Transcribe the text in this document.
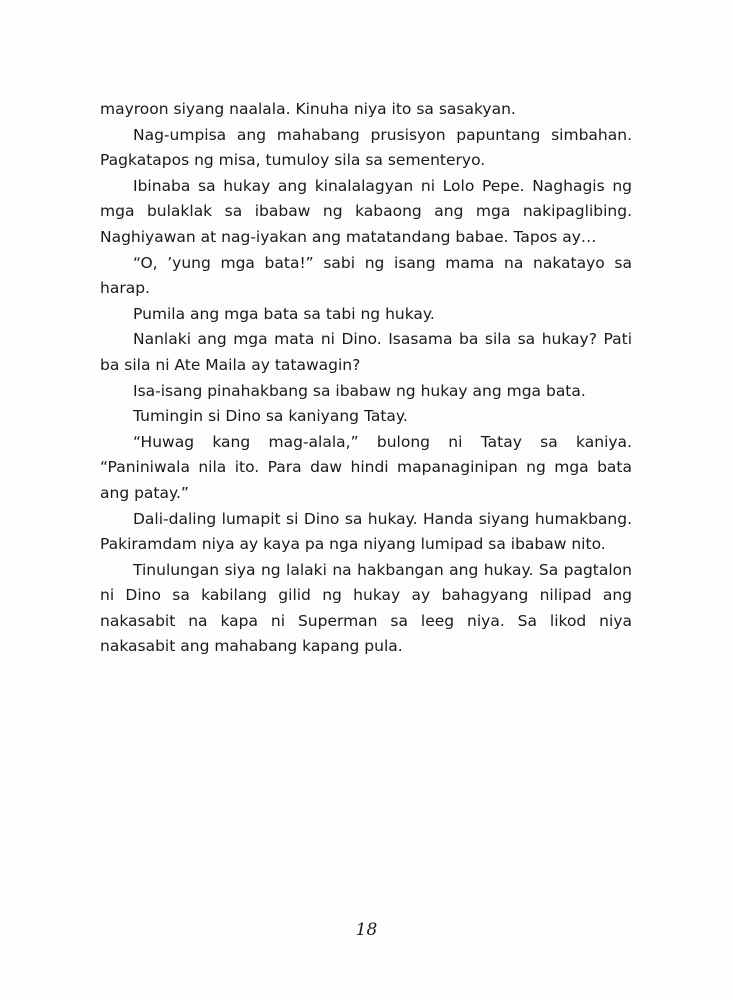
mayroon siyang naalala. Kinuha niya ito sa sasakyan.

Nag-umpisa ang mahabang prusisyon papuntang simbahan. Pagkatapos ng misa, tumuloy sila sa sementeryo.

Ibinaba sa hukay ang kinalalagyan ni Lolo Pepe. Naghagis ng mga bulaklak sa ibabaw ng kabaong ang mga nakipaglibing. Naghiyawan at nag-iyakan ang matatandang babae. Tapos ay…

“O, ’yung mga bata!” sabi ng isang mama na nakatayo sa harap.

Pumila ang mga bata sa tabi ng hukay.

Nanlaki ang mga mata ni Dino. Isasama ba sila sa hukay? Pati ba sila ni Ate Maila ay tatawagin?

Isa-isang pinahakbang sa ibabaw ng hukay ang mga bata.

Tumingin si Dino sa kaniyang Tatay.

“Huwag kang mag-alala,” bulong ni Tatay sa kaniya. “Paniniwala nila ito. Para daw hindi mapanaginipan ng mga bata ang patay.”

Dali-daling lumapit si Dino sa hukay. Handa siyang humakbang. Pakiramdam niya ay kaya pa nga niyang lumipad sa ibabaw nito.

Tinulungan siya ng lalaki na hakbangan ang hukay. Sa pagtalon ni Dino sa kabilang gilid ng hukay ay bahagyang nilipad ang nakasabit na kapa ni Superman sa leeg niya. Sa likod niya nakasabit ang mahabang kapang pula.

18
